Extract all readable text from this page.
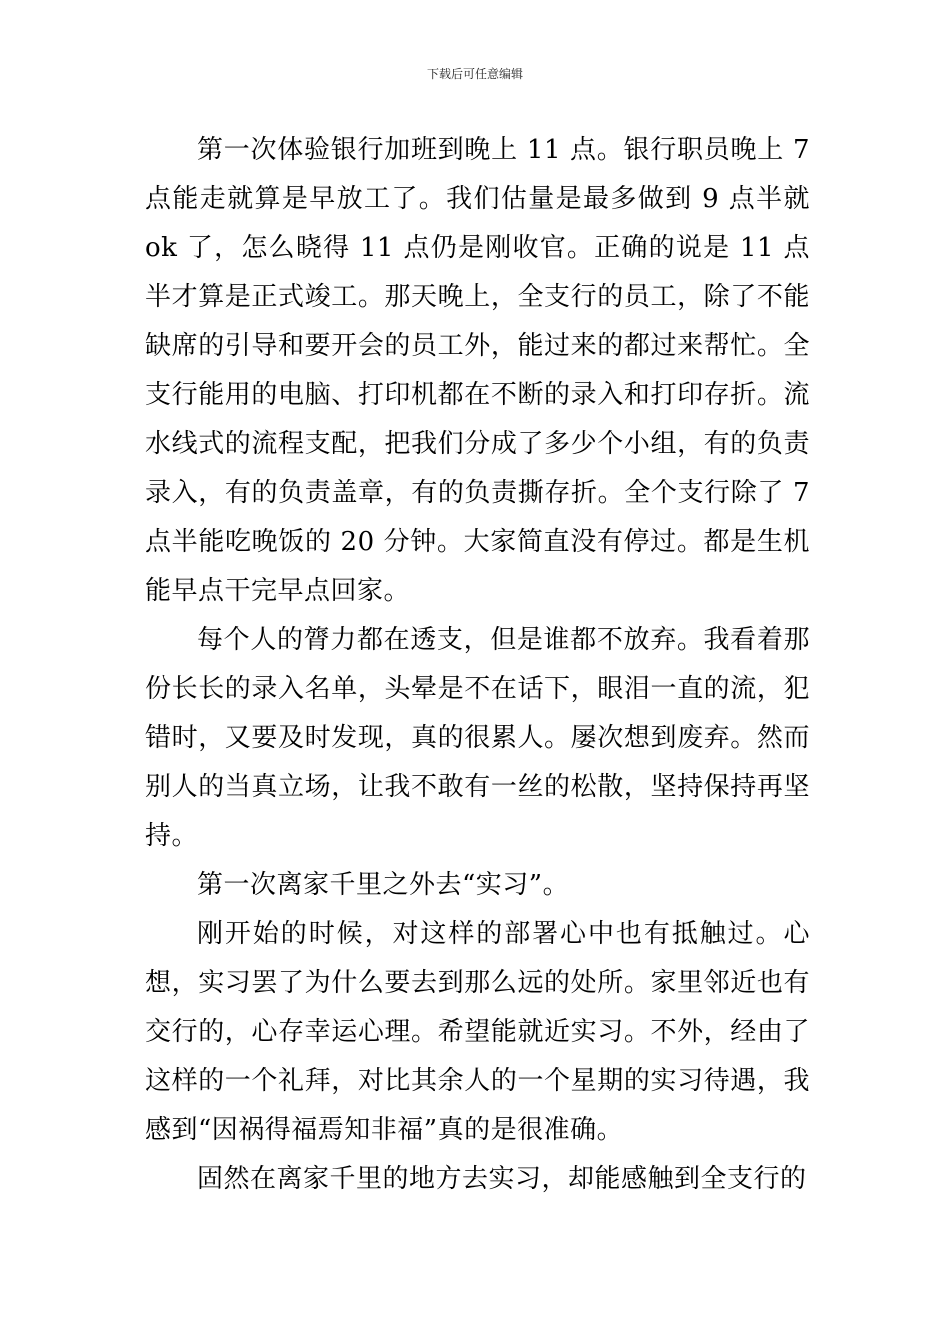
下载后可任意编辑

第一次体验银行加班到晚上 11 点。银行职员晚上 7 点能走就算是早放工了。我们估量是最多做到 9 点半就 ok 了，怎么晓得 11 点仍是刚收官。正确的说是 11 点半才算是正式竣工。那天晚上，全支行的员工，除了不能缺席的引导和要开会的员工外，能过来的都过来帮忙。全支行能用的电脑、打印机都在不断的录入和打印存折。流水线式的流程支配，把我们分成了多少个小组，有的负责录入，有的负责盖章，有的负责撕存折。全个支行除了 7 点半能吃晚饭的 20 分钟。大家简直没有停过。都是生机能早点干完早点回家。

每个人的膂力都在透支，但是谁都不放弃。我看着那份长长的录入名单，头晕是不在话下，眼泪一直的流，犯错时，又要及时发现，真的很累人。屡次想到废弃。然而别人的当真立场，让我不敢有一丝的松散，坚持保持再坚持。

第一次离家千里之外去“实习”。

刚开始的时候，对这样的部署心中也有抵触过。心想，实习罢了为什么要去到那么远的处所。家里邻近也有交行的，心存幸运心理。希望能就近实习。不外，经由了这样的一个礼拜，对比其余人的一个星期的实习待遇，我感到“因祸得福焉知非福”真的是很准确。

固然在离家千里的地方去实习，却能感触到全支行的
